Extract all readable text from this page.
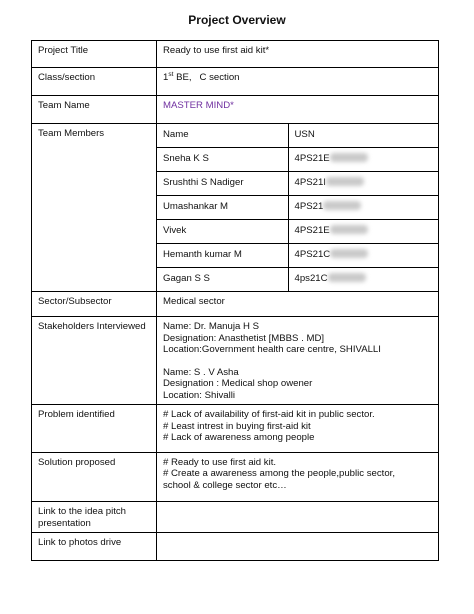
Project Overview
Project Title	Ready to use first aid kit*
Class/section	1st BE,   C section
Team Name	MASTER MIND*
Team Members		Name	USN
Sneha K S	4PS21E
Srushthi S Nadiger	4PS21I
Umashankar M	4PS21
Vivek	4PS21E
Hemanth kumar M	4PS21C
Gagan S S	4ps21C

Sector/Subsector	Medical sector
Stakeholders Interviewed	Name: Dr. Manuja H S
Designation: Anasthetist [MBBS . MD]
Location:Government health care centre, SHIVALLI
Name: S . V Asha
Designation : Medical shop owener
Location: Shivalli

Problem identified	# Lack of availability of first-aid kit in public sector.
# Least intrest in buying first-aid kit
# Lack of awareness among people

Solution proposed	# Ready to use first aid kit.
# Create a awareness among the people,public sector,
school & college sector etc…

Link to the idea pitch presentation	
Link to photos drive	
